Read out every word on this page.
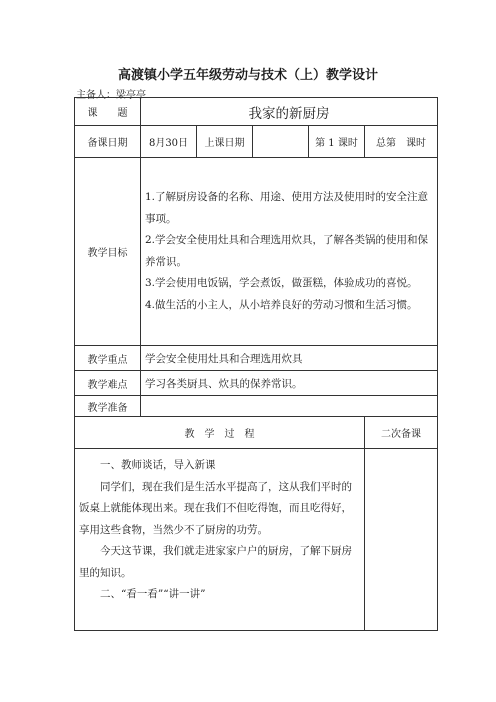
高渡镇小学五年级劳动与技术（上）教学设计
主备人：梁亭亭
课　　题	我家的新厨房				
备课日期	8月30日	上课日期		第 1 课时	总第　课时
教学目标	1.了解厨房设备的名称、用途、使用方法及使用时的安全注意事项。
2.学会安全使用灶具和合理选用炊具，了解各类锅的使用和保养常识。
3.学会使用电饭锅，学会煮饭，做蛋糕，体验成功的喜悦。
4.做生活的小主人，从小培养良好的劳动习惯和生活习惯。				

教学重点	学会安全使用灶具和合理选用炊具				
教学难点	学习各类厨具、炊具的保养常识。				
教学准备					
教　学　过　程					二次备课

一、教师谈话，导入新课

同学们，现在我们是生活水平提高了，这从我们平时的饭桌上就能体现出来。现在我们不但吃得饱，而且吃得好，享用这些食物，当然少不了厨房的功劳。

今天这节课，我们就走进家家户户的厨房，了解下厨房里的知识。

二、“看一看”“讲一讲”					
